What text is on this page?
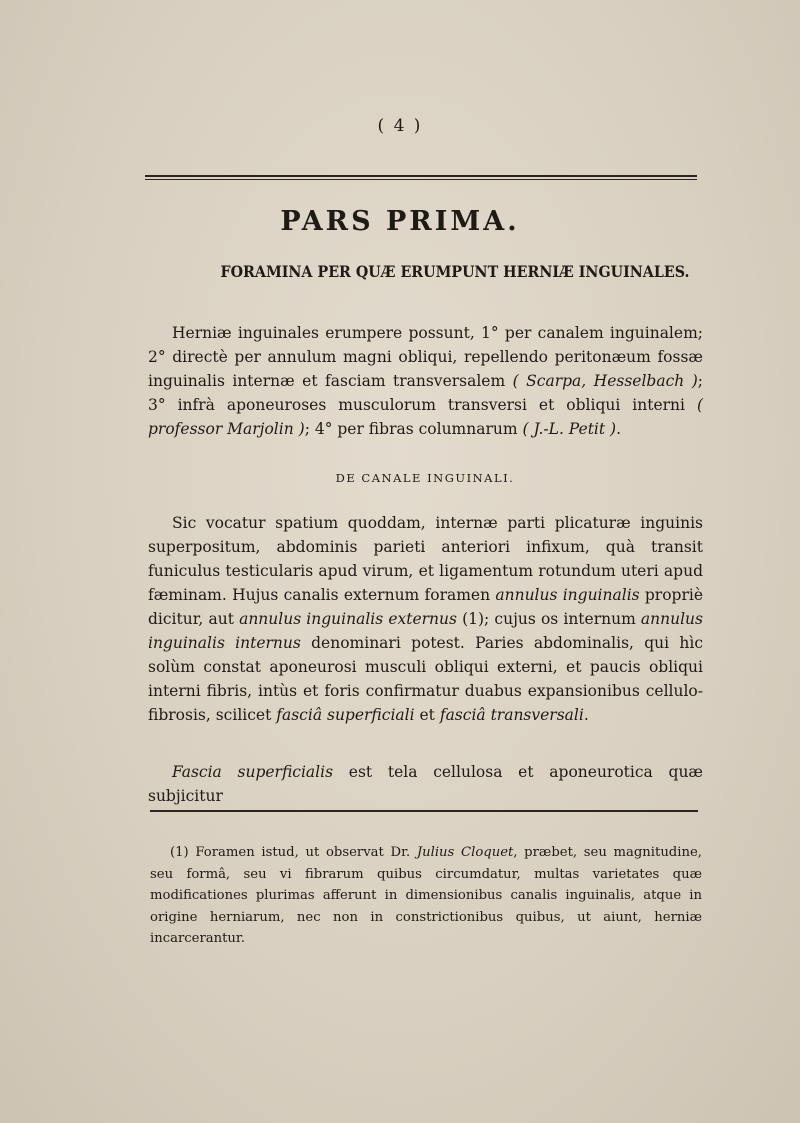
( 4 )
PARS PRIMA.
FORAMINA PER QUÆ ERUMPUNT HERNIÆ INGUINALES.
Herniæ inguinales erumpere possunt, 1° per canalem inguinalem; 2° directè per annulum magni obliqui, repellendo peritonæum fossæ inguinalis internæ et fasciam transversalem ( Scarpa, Hesselbach ); 3° infrà aponeuroses musculorum transversi et obliqui interni ( professor Marjolin ); 4° per fibras columnarum ( J.-L. Petit ).
DE CANALE INGUINALI.
Sic vocatur spatium quoddam, internæ parti plicaturæ inguinis superpositum, abdominis parieti anteriori infixum, quà transit funiculus testicularis apud virum, et ligamentum rotundum uteri apud fæminam. Hujus canalis externum foramen annulus inguinalis propriè dicitur, aut annulus inguinalis externus (1); cujus os internum annulus inguinalis internus denominari potest. Paries abdominalis, qui hìc solùm constat aponeurosi musculi obliqui externi, et paucis obliqui interni fibris, intùs et foris confirmatur duabus expansionibus cellulo-fibrosis, scilicet fasciâ superficiali et fasciâ transversali.
Fascia superficialis est tela cellulosa et aponeurotica quæ subjicitur
(1) Foramen istud, ut observat Dr. Julius Cloquet, præbet, seu magnitudine, seu formâ, seu vi fibrarum quibus circumdatur, multas varietates quæ modificationes plurimas afferunt in dimensionibus canalis inguinalis, atque in origine herniarum, nec non in constrictionibus quibus, ut aiunt, herniæ incarcerantur.
